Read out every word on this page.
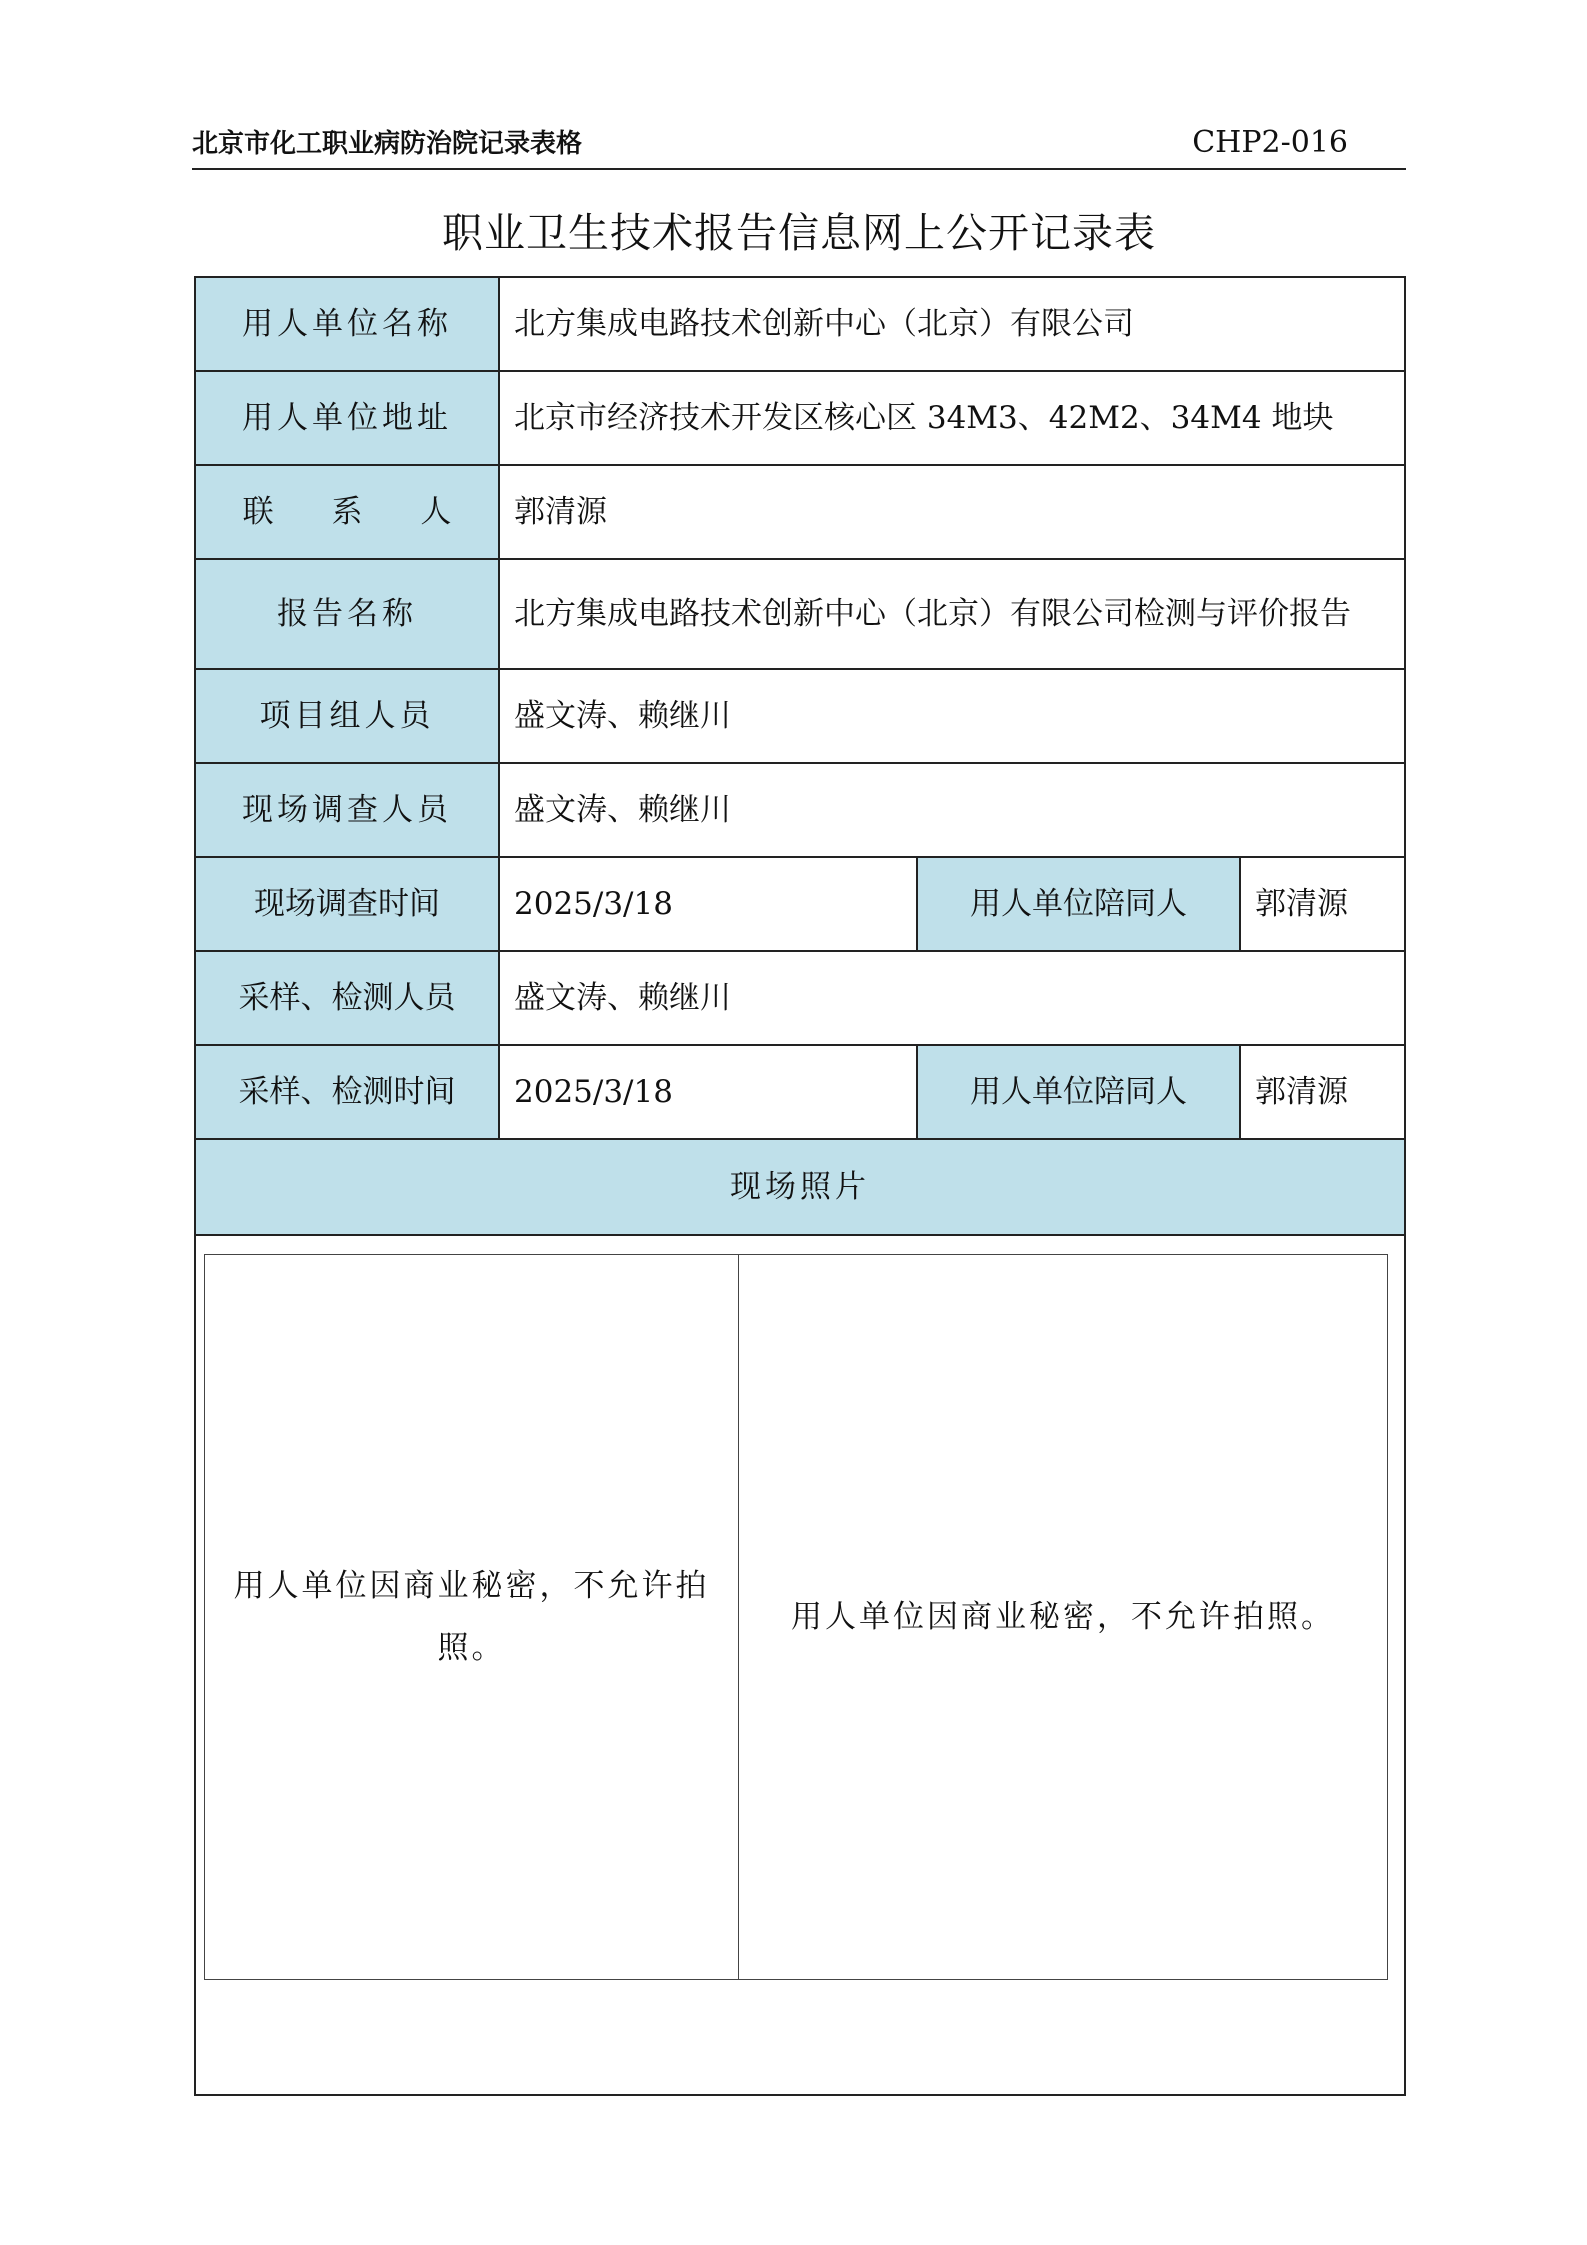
北京市化工职业病防治院记录表格	CHP2-016
职业卫生技术报告信息网上公开记录表
用人单位名称	北方集成电路技术创新中心（北京）有限公司		
用人单位地址	北京市经济技术开发区核心区 34M3、42M2、34M4 地块		
联 系 人	郭清源		
报告名称	北方集成电路技术创新中心（北京）有限公司检测与评价报告		
项目组人员	盛文涛、赖继川		
现场调查人员	盛文涛、赖继川		
现场调查时间	2025/3/18	用人单位陪同人	郭清源
采样、检测人员	盛文涛、赖继川		
采样、检测时间	2025/3/18	用人单位陪同人	郭清源
现场照片			

用人单位因商业秘密，不允许拍照。
用人单位因商业秘密，不允许拍照。			
